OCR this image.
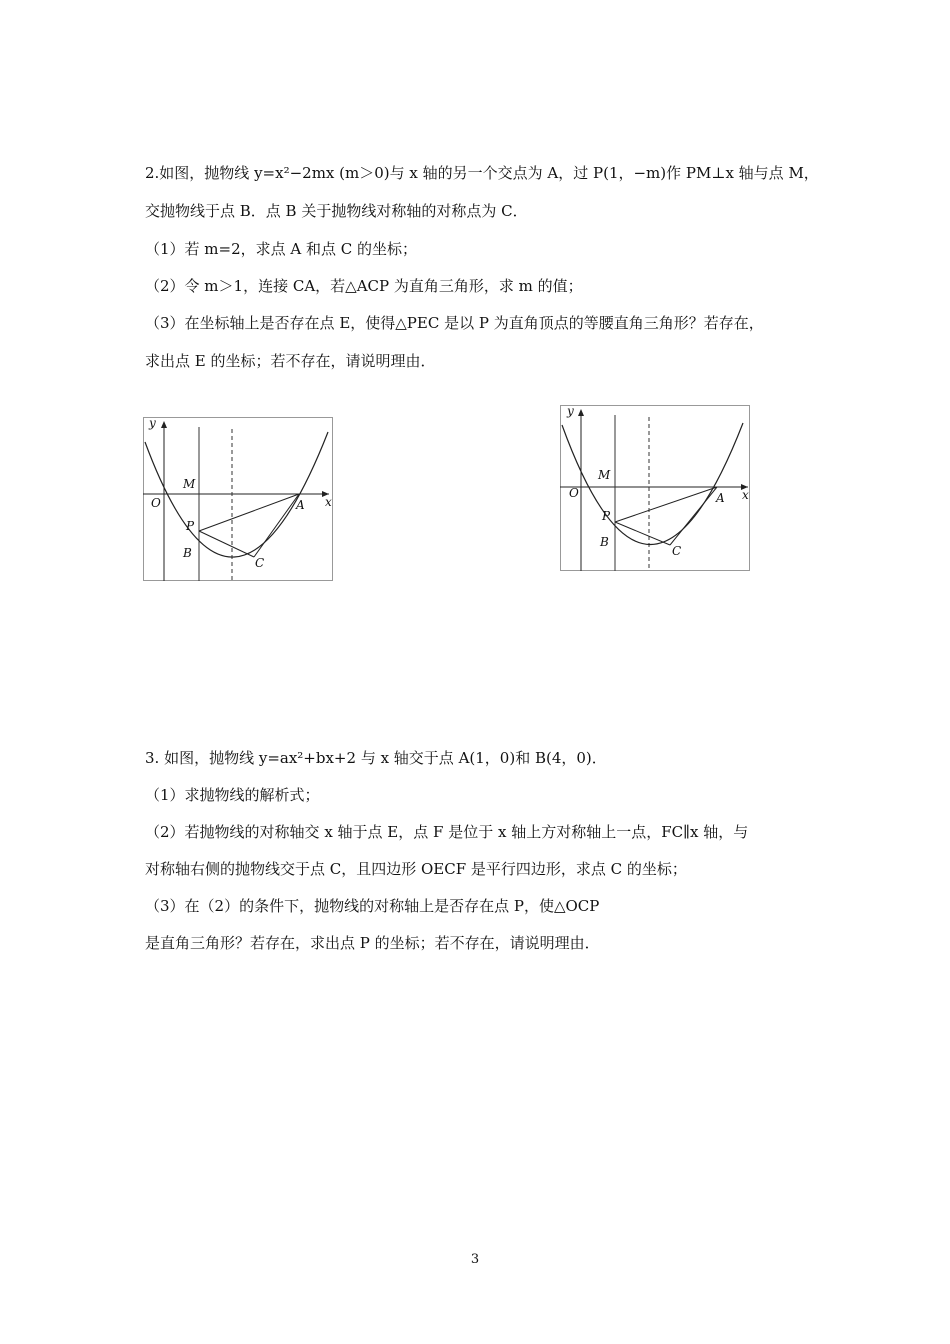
2.如图，抛物线 y=x²−2mx (m＞0)与 x 轴的另一个交点为 A，过 P(1，−m)作 PM⊥x 轴与点 M，
交抛物线于点 B．点 B 关于抛物线对称轴的对称点为 C．
（1）若 m=2，求点 A 和点 C 的坐标；
（2）令 m＞1，连接 CA，若△ACP 为直角三角形，求 m 的值；
（3）在坐标轴上是否存在点 E，使得△PEC 是以 P 为直角顶点的等腰直角三角形？若存在，
求出点 E 的坐标；若不存在，请说明理由．
y
x
O
M
P
B
C
A
y
x
O
M
P
B
C
A
3. 如图，抛物线 y=ax²+bx+2 与 x 轴交于点 A(1，0)和 B(4，0)．
（1）求抛物线的解析式；
（2）若抛物线的对称轴交 x 轴于点 E，点 F 是位于 x 轴上方对称轴上一点，FC∥x 轴，与
对称轴右侧的抛物线交于点 C，且四边形 OECF 是平行四边形，求点 C 的坐标；
（3）在（2）的条件下，抛物线的对称轴上是否存在点 P，使△OCP
是直角三角形？若存在，求出点 P 的坐标；若不存在，请说明理由．
3
